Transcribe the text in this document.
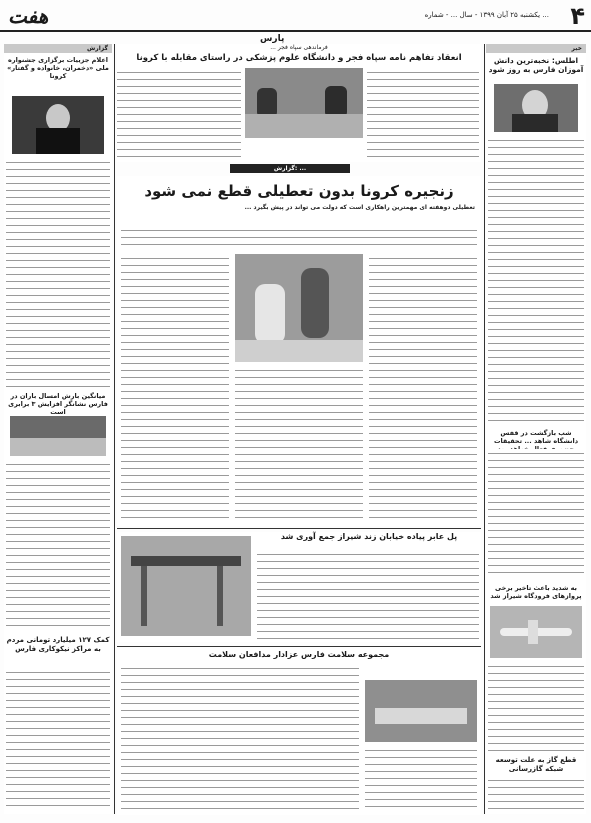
هفت	یکشنبه ۲۵ آبان ۱۳۹۹ - سال ... - شماره ... ۴
پارس
خبر
اطلس: نخبه‌ترین دانش آموزان فارس به روز شود
شب بازگشت در قفس دانشگاه شاهد ... تحقیقات
به شدید باعث تاخیر برخی پروازهای فرودگاه شیراز شد
قطع گاز به علت توسعه شبکه گازرسانی
فرماندهی سپاه فجر ...
انعقاد تفاهم نامه سپاه فجر و دانشگاه علوم پزشکی در راستای مقابله با کرونا
گزارش: ...
زنجیره کرونا بدون تعطیلی قطع نمی شود
تعطیلی دوهفته ای مهمترین راهکاری است که دولت می تواند در پیش بگیرد ...
پل عابر پیاده خیابان زند شیراز جمع آوری شد
مجموعه سلامت فارس عزادار مدافعان سلامت
گزارش
اعلام جزییات برگزاری جشنواره ملی «دخمران، خانواده و گفتار» کرونا
میانگین بارش امسال باران در فارس نشانگر افزایش ۳ برابری است
کمک ۱۲۷ میلیارد تومانی مردم به مراکز نیکوکاری فارس
